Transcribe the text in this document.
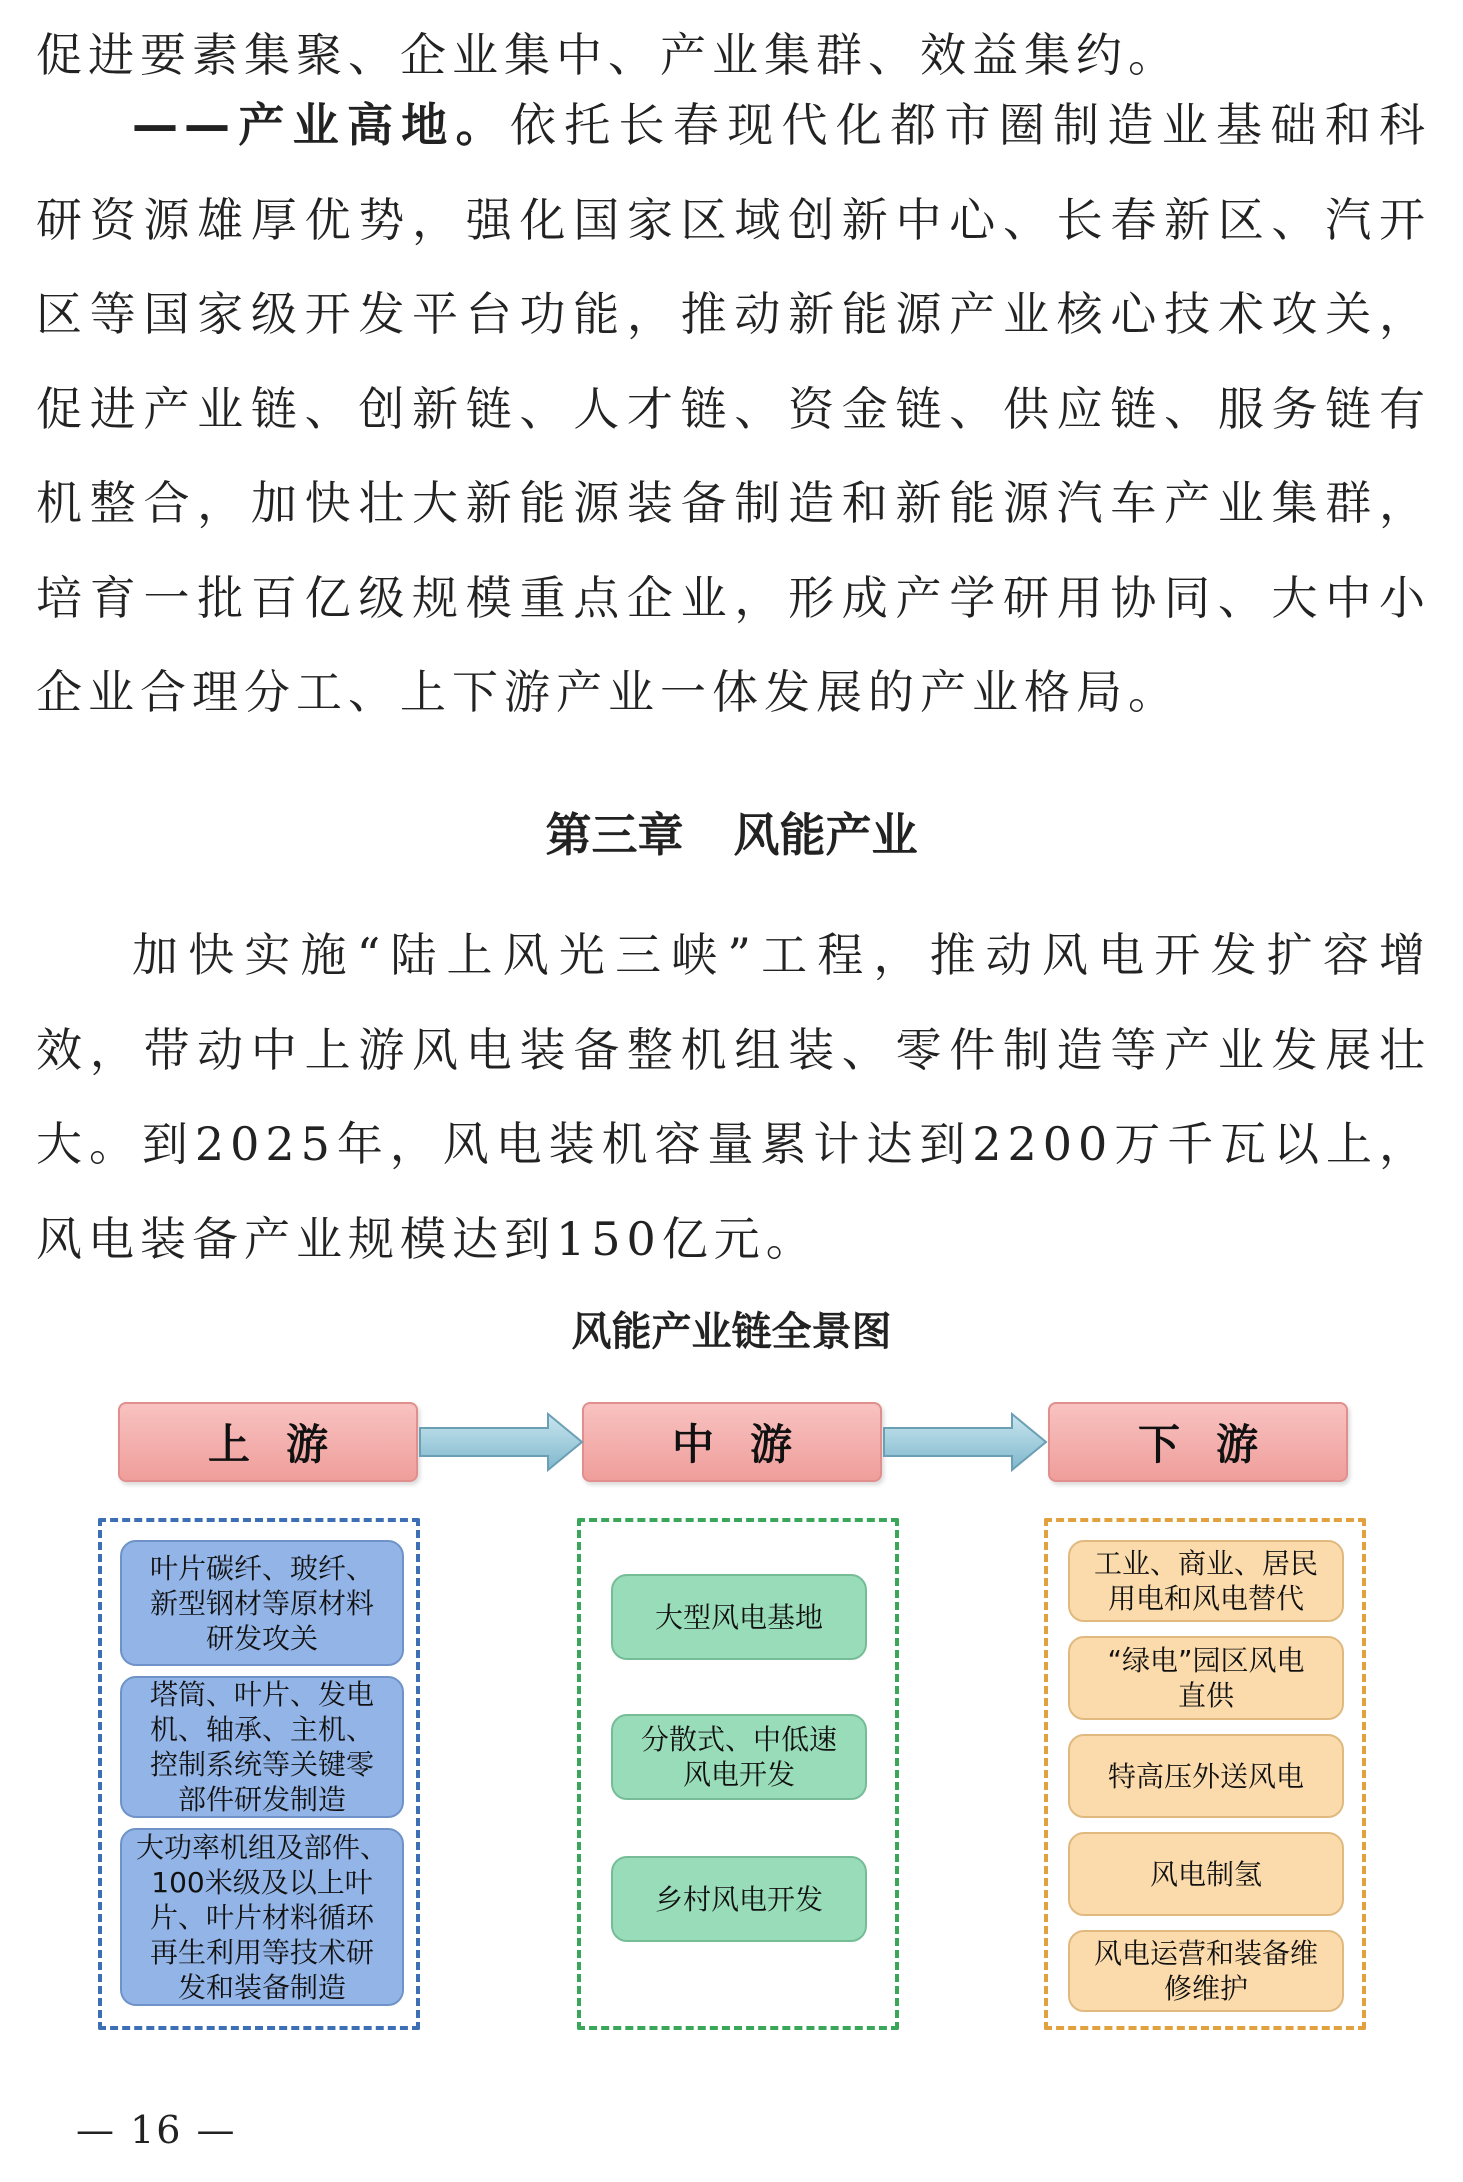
促进要素集聚、企业集中、产业集群、效益集约。

——产业高地。依托长春现代化都市圈制造业基础和科研资源雄厚优势，强化国家区域创新中心、长春新区、汽开区等国家级开发平台功能，推动新能源产业核心技术攻关，促进产业链、创新链、人才链、资金链、供应链、服务链有机整合，加快壮大新能源装备制造和新能源汽车产业集群，培育一批百亿级规模重点企业，形成产学研用协同、大中小企业合理分工、上下游产业一体发展的产业格局。

第三章 风能产业

加快实施“陆上风光三峡”工程，推动风电开发扩容增效，带动中上游风电装备整机组装、零件制造等产业发展壮大。到2025年，风电装机容量累计达到2200万千瓦以上，风电装备产业规模达到150亿元。

风能产业链全景图

上游	中游	下游
叶片碳纤、玻纤、
新型钢材等原材料
研发攻关
塔筒、叶片、发电
机、轴承、主机、
控制系统等关键零
部件研发制造
大功率机组及部件、
100米级及以上叶
片、叶片材料循环
再生利用等技术研
发和装备制造
大型风电基地
分散式、中低速
风电开发
乡村风电开发
工业、商业、居民
用电和风电替代
“绿电”园区风电
直供
特高压外送风电
风电制氢
风电运营和装备维
修维护

— 16 —
